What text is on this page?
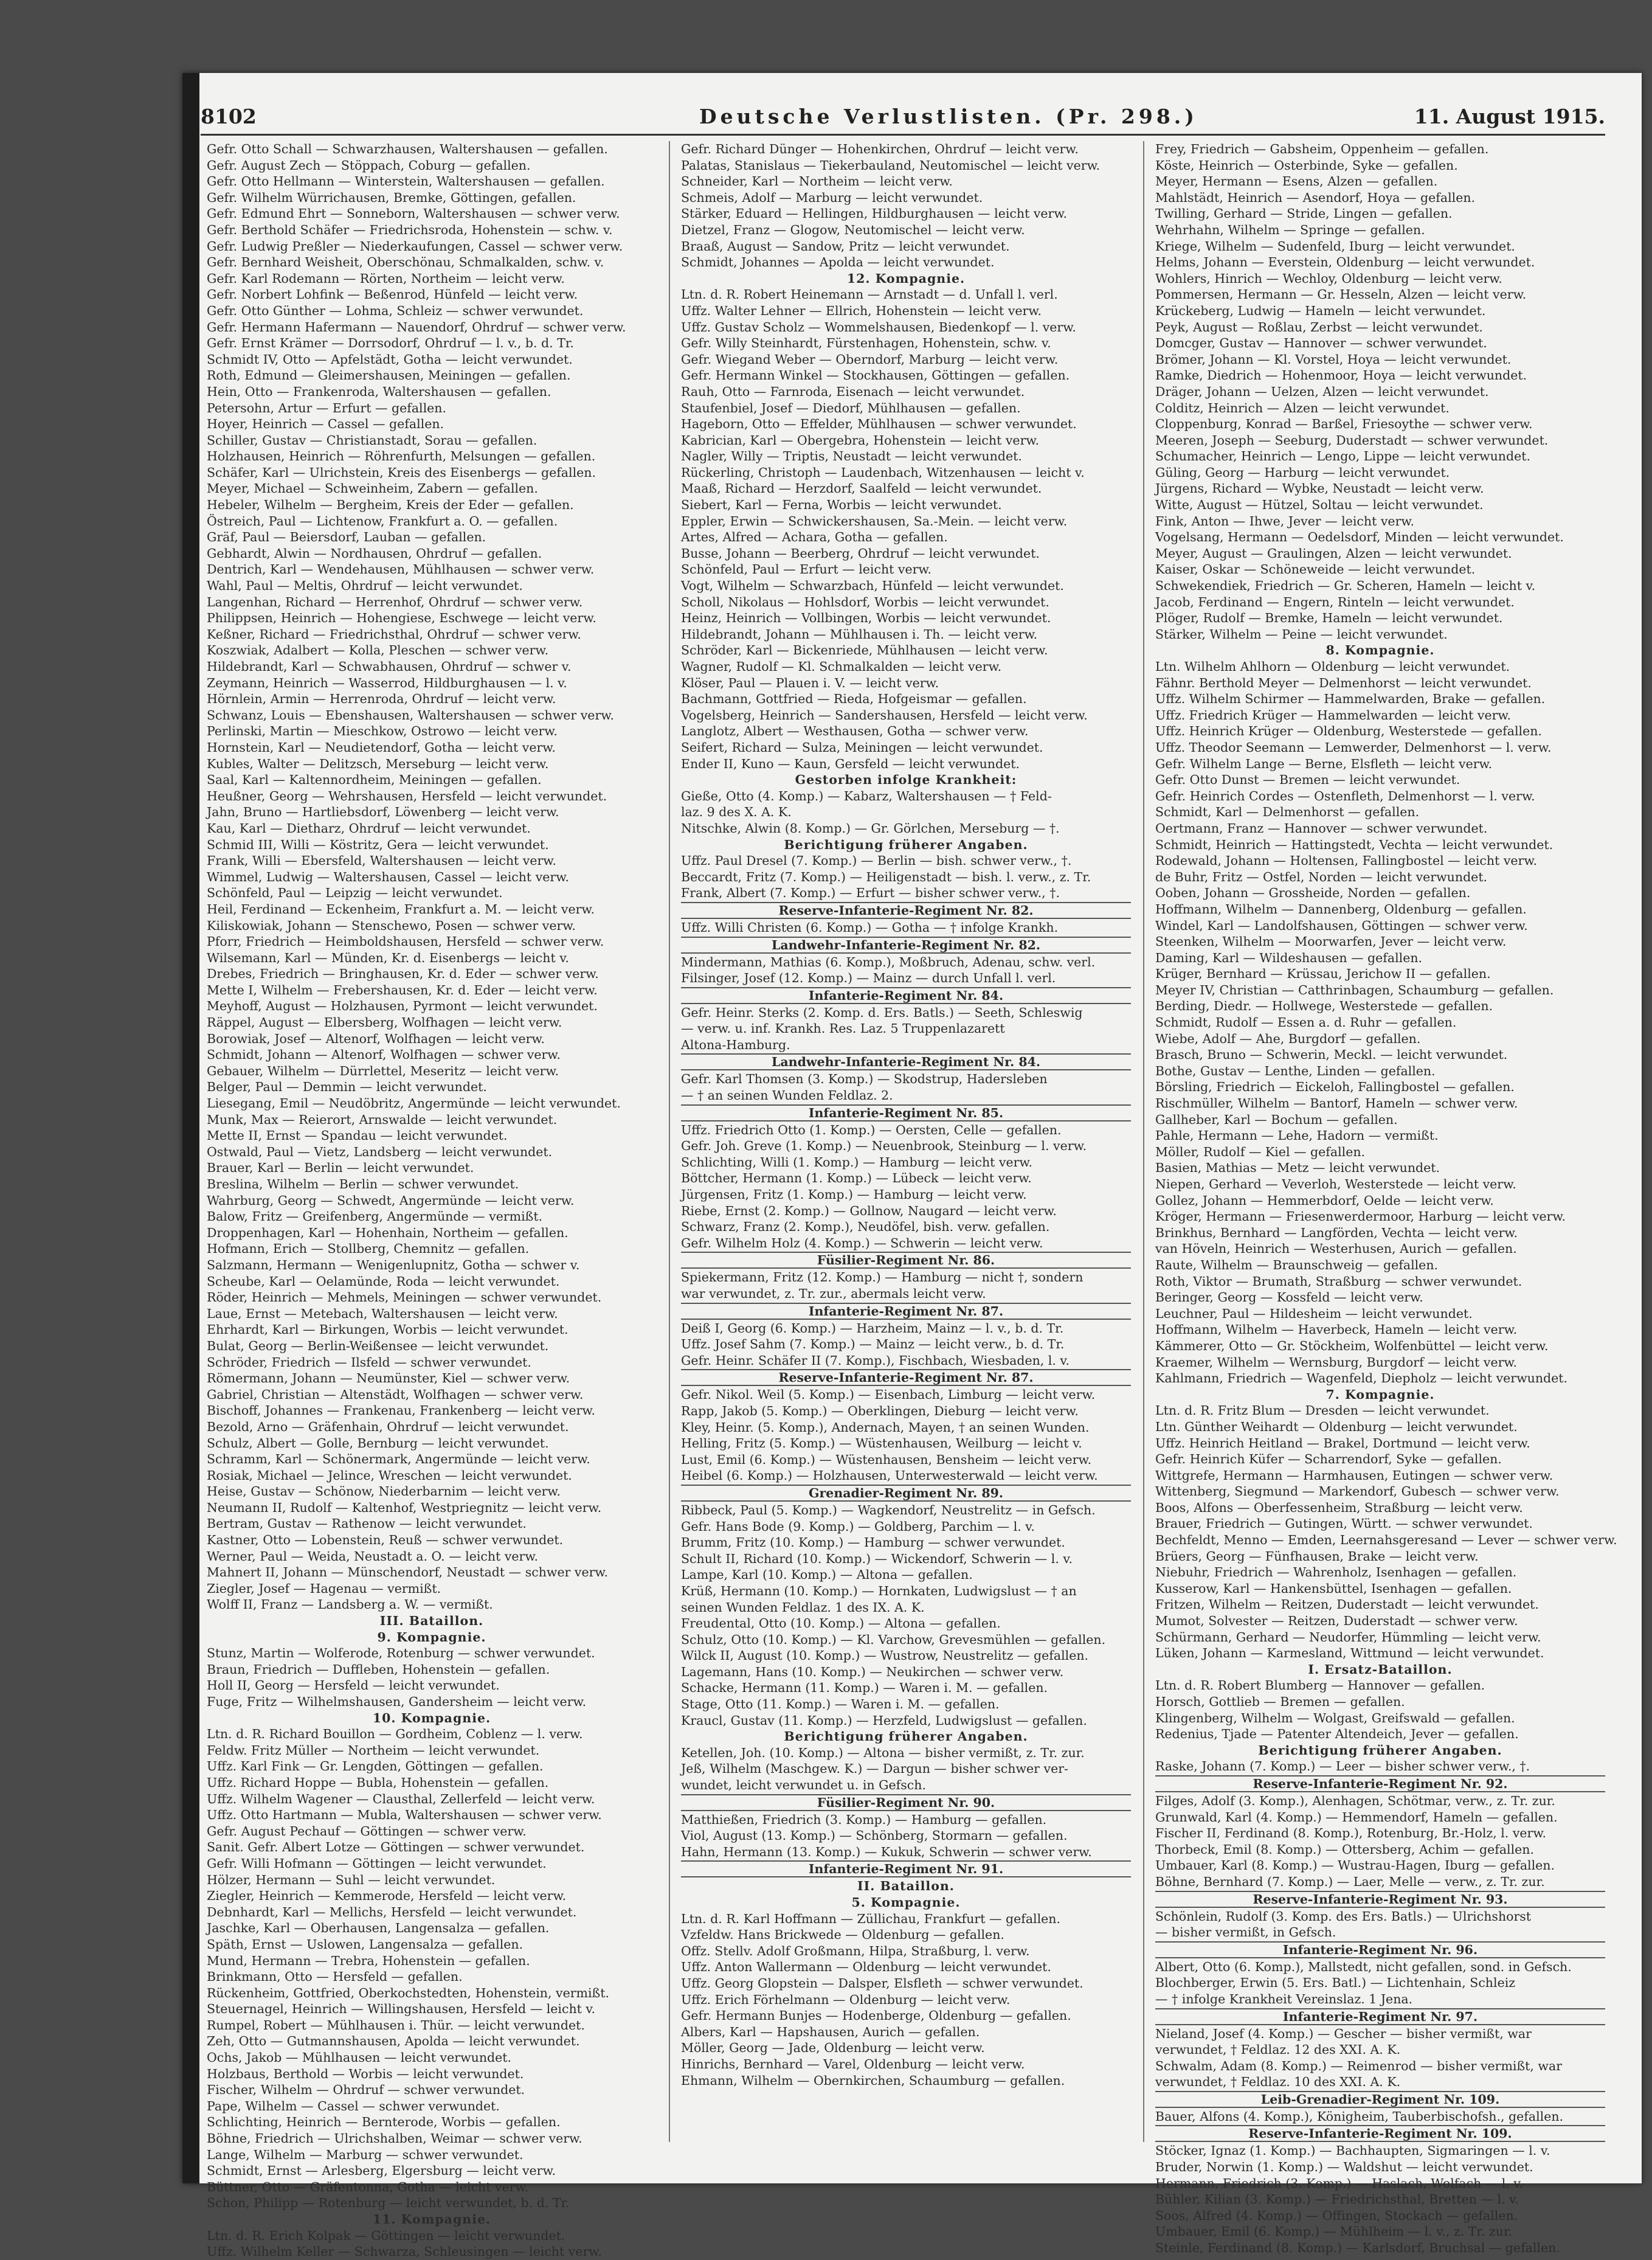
8102	Deutsche Verlustlisten. (Pr. 298.)	11. August 1915.
Gefr. Otto Schall — Schwarzhausen, Waltershausen — gefallen.
Gefr. August Zech — Stöppach, Coburg — gefallen.
Gefr. Otto Hellmann — Winterstein, Waltershausen — gefallen.
Gefr. Wilhelm Würrichausen, Bremke, Göttingen, gefallen.
Gefr. Edmund Ehrt — Sonneborn, Waltershausen — schwer verw.
Gefr. Berthold Schäfer — Friedrichsroda, Hohenstein — schw. v.
Gefr. Ludwig Preßler — Niederkaufungen, Cassel — schwer verw.
Gefr. Bernhard Weisheit, Oberschönau, Schmalkalden, schw. v.
Gefr. Karl Rodemann — Rörten, Northeim — leicht verw.
Gefr. Norbert Lohfink — Beßenrod, Hünfeld — leicht verw.
Gefr. Otto Günther — Lohma, Schleiz — schwer verwundet.
Gefr. Hermann Hafermann — Nauendorf, Ohrdruf — schwer verw.
Gefr. Ernst Krämer — Dorrsodorf, Ohrdruf — l. v., b. d. Tr.
Schmidt IV, Otto — Apfelstädt, Gotha — leicht verwundet.
Roth, Edmund — Gleimershausen, Meiningen — gefallen.
Hein, Otto — Frankenroda, Waltershausen — gefallen.
Petersohn, Artur — Erfurt — gefallen.
Hoyer, Heinrich — Cassel — gefallen.
Schiller, Gustav — Christianstadt, Sorau — gefallen.
Holzhausen, Heinrich — Röhrenfurth, Melsungen — gefallen.
Schäfer, Karl — Ulrichstein, Kreis des Eisenbergs — gefallen.
Meyer, Michael — Schweinheim, Zabern — gefallen.
Hebeler, Wilhelm — Bergheim, Kreis der Eder — gefallen.
Östreich, Paul — Lichtenow, Frankfurt a. O. — gefallen.
Gräf, Paul — Beiersdorf, Lauban — gefallen.
Gebhardt, Alwin — Nordhausen, Ohrdruf — gefallen.
Dentrich, Karl — Wendehausen, Mühlhausen — schwer verw.
Wahl, Paul — Meltis, Ohrdruf — leicht verwundet.
Langenhan, Richard — Herrenhof, Ohrdruf — schwer verw.
Philippsen, Heinrich — Hohengiese, Eschwege — leicht verw.
Keßner, Richard — Friedrichsthal, Ohrdruf — schwer verw.
Koszwiak, Adalbert — Kolla, Pleschen — schwer verw.
Hildebrandt, Karl — Schwabhausen, Ohrdruf — schwer v.
Zeymann, Heinrich — Wasserrod, Hildburghausen — l. v.
Hörnlein, Armin — Herrenroda, Ohrdruf — leicht verw.
Schwanz, Louis — Ebenshausen, Waltershausen — schwer verw.
Perlinski, Martin — Mieschkow, Ostrowo — leicht verw.
Hornstein, Karl — Neudietendorf, Gotha — leicht verw.
Kubles, Walter — Delitzsch, Merseburg — leicht verw.
Saal, Karl — Kaltennordheim, Meiningen — gefallen.
Heußner, Georg — Wehrshausen, Hersfeld — leicht verwundet.
Jahn, Bruno — Hartliebsdorf, Löwenberg — leicht verw.
Kau, Karl — Dietharz, Ohrdruf — leicht verwundet.
Schmid III, Willi — Köstritz, Gera — leicht verwundet.
Frank, Willi — Ebersfeld, Waltershausen — leicht verw.
Wimmel, Ludwig — Waltershausen, Cassel — leicht verw.
Schönfeld, Paul — Leipzig — leicht verwundet.
Heil, Ferdinand — Eckenheim, Frankfurt a. M. — leicht verw.
Kiliskowiak, Johann — Stenschewo, Posen — schwer verw.
Pforr, Friedrich — Heimboldshausen, Hersfeld — schwer verw.
Wilsemann, Karl — Münden, Kr. d. Eisenbergs — leicht v.
Drebes, Friedrich — Bringhausen, Kr. d. Eder — schwer verw.
Mette I, Wilhelm — Frebershausen, Kr. d. Eder — leicht verw.
Meyhoff, August — Holzhausen, Pyrmont — leicht verwundet.
Räppel, August — Elbersberg, Wolfhagen — leicht verw.
Borowiak, Josef — Altenorf, Wolfhagen — leicht verw.
Schmidt, Johann — Altenorf, Wolfhagen — schwer verw.
Gebauer, Wilhelm — Dürrlettel, Meseritz — leicht verw.
Belger, Paul — Demmin — leicht verwundet.
Liesegang, Emil — Neudöbritz, Angermünde — leicht verwundet.
Munk, Max — Reierort, Arnswalde — leicht verwundet.
Mette II, Ernst — Spandau — leicht verwundet.
Ostwald, Paul — Vietz, Landsberg — leicht verwundet.
Brauer, Karl — Berlin — leicht verwundet.
Breslina, Wilhelm — Berlin — schwer verwundet.
Wahrburg, Georg — Schwedt, Angermünde — leicht verw.
Balow, Fritz — Greifenberg, Angermünde — vermißt.
Droppenhagen, Karl — Hohenhain, Northeim — gefallen.
Hofmann, Erich — Stollberg, Chemnitz — gefallen.
Salzmann, Hermann — Wenigenlupnitz, Gotha — schwer v.
Scheube, Karl — Oelamünde, Roda — leicht verwundet.
Röder, Heinrich — Mehmels, Meiningen — schwer verwundet.
Laue, Ernst — Metebach, Waltershausen — leicht verw.
Ehrhardt, Karl — Birkungen, Worbis — leicht verwundet.
Bulat, Georg — Berlin-Weißensee — leicht verwundet.
Schröder, Friedrich — Ilsfeld — schwer verwundet.
Römermann, Johann — Neumünster, Kiel — schwer verw.
Gabriel, Christian — Altenstädt, Wolfhagen — schwer verw.
Bischoff, Johannes — Frankenau, Frankenberg — leicht verw.
Bezold, Arno — Gräfenhain, Ohrdruf — leicht verwundet.
Schulz, Albert — Golle, Bernburg — leicht verwundet.
Schramm, Karl — Schönermark, Angermünde — leicht verw.
Rosiak, Michael — Jelince, Wreschen — leicht verwundet.
Heise, Gustav — Schönow, Niederbarnim — leicht verw.
Neumann II, Rudolf — Kaltenhof, Westpriegnitz — leicht verw.
Bertram, Gustav — Rathenow — leicht verwundet.
Kastner, Otto — Lobenstein, Reuß — schwer verwundet.
Werner, Paul — Weida, Neustadt a. O. — leicht verw.
Mahnert II, Johann — Münschendorf, Neustadt — schwer verw.
Ziegler, Josef — Hagenau — vermißt.
Wolff II, Franz — Landsberg a. W. — vermißt.
III. Bataillon.
9. Kompagnie.
Stunz, Martin — Wolferode, Rotenburg — schwer verwundet.
Braun, Friedrich — Duffleben, Hohenstein — gefallen.
Holl II, Georg — Hersfeld — leicht verwundet.
Fuge, Fritz — Wilhelmshausen, Gandersheim — leicht verw.
10. Kompagnie.
Ltn. d. R. Richard Bouillon — Gordheim, Coblenz — l. verw.
Feldw. Fritz Müller — Northeim — leicht verwundet.
Uffz. Karl Fink — Gr. Lengden, Göttingen — gefallen.
Uffz. Richard Hoppe — Bubla, Hohenstein — gefallen.
Uffz. Wilhelm Wagener — Clausthal, Zellerfeld — leicht verw.
Uffz. Otto Hartmann — Mubla, Waltershausen — schwer verw.
Gefr. August Pechauf — Göttingen — schwer verw.
Sanit. Gefr. Albert Lotze — Göttingen — schwer verwundet.
Gefr. Willi Hofmann — Göttingen — leicht verwundet.
Hölzer, Hermann — Suhl — leicht verwundet.
Ziegler, Heinrich — Kemmerode, Hersfeld — leicht verw.
Debnhardt, Karl — Mellichs, Hersfeld — leicht verwundet.
Jaschke, Karl — Oberhausen, Langensalza — gefallen.
Späth, Ernst — Uslowen, Langensalza — gefallen.
Mund, Hermann — Trebra, Hohenstein — gefallen.
Brinkmann, Otto — Hersfeld — gefallen.
Rückenheim, Gottfried, Oberkochstedten, Hohenstein, vermißt.
Steuernagel, Heinrich — Willingshausen, Hersfeld — leicht v.
Rumpel, Robert — Mühlhausen i. Thür. — leicht verwundet.
Zeh, Otto — Gutmannshausen, Apolda — leicht verwundet.
Ochs, Jakob — Mühlhausen — leicht verwundet.
Holzbaus, Berthold — Worbis — leicht verwundet.
Fischer, Wilhelm — Ohrdruf — schwer verwundet.
Pape, Wilhelm — Cassel — schwer verwundet.
Schlichting, Heinrich — Bernterode, Worbis — gefallen.
Böhne, Friedrich — Ulrichshalben, Weimar — schwer verw.
Lange, Wilhelm — Marburg — schwer verwundet.
Schmidt, Ernst — Arlesberg, Elgersburg — leicht verw.
Büttner, Otto — Gräfentonna, Gotha — leicht verw.
Schon, Philipp — Rotenburg — leicht verwundet, b. d. Tr.
11. Kompagnie.
Ltn. d. R. Erich Kolpak — Göttingen — leicht verwundet.
Uffz. Wilhelm Keller — Schwarza, Schleusingen — leicht verw.
Gefr. Richard Dünger — Hohenkirchen, Ohrdruf — leicht verw.
Palatas, Stanislaus — Tiekerbauland, Neutomischel — leicht verw.
Schneider, Karl — Northeim — leicht verw.
Schmeis, Adolf — Marburg — leicht verwundet.
Stärker, Eduard — Hellingen, Hildburghausen — leicht verw.
Dietzel, Franz — Glogow, Neutomischel — leicht verw.
Braaß, August — Sandow, Pritz — leicht verwundet.
Schmidt, Johannes — Apolda — leicht verwundet.
12. Kompagnie.
Ltn. d. R. Robert Heinemann — Arnstadt — d. Unfall l. verl.
Uffz. Walter Lehner — Ellrich, Hohenstein — leicht verw.
Uffz. Gustav Scholz — Wommelshausen, Biedenkopf — l. verw.
Gefr. Willy Steinhardt, Fürstenhagen, Hohenstein, schw. v.
Gefr. Wiegand Weber — Oberndorf, Marburg — leicht verw.
Gefr. Hermann Winkel — Stockhausen, Göttingen — gefallen.
Rauh, Otto — Farnroda, Eisenach — leicht verwundet.
Staufenbiel, Josef — Diedorf, Mühlhausen — gefallen.
Hageborn, Otto — Effelder, Mühlhausen — schwer verwundet.
Kabrician, Karl — Obergebra, Hohenstein — leicht verw.
Nagler, Willy — Triptis, Neustadt — leicht verwundet.
Rückerling, Christoph — Laudenbach, Witzenhausen — leicht v.
Maaß, Richard — Herzdorf, Saalfeld — leicht verwundet.
Siebert, Karl — Ferna, Worbis — leicht verwundet.
Eppler, Erwin — Schwickershausen, Sa.-Mein. — leicht verw.
Artes, Alfred — Achara, Gotha — gefallen.
Busse, Johann — Beerberg, Ohrdruf — leicht verwundet.
Schönfeld, Paul — Erfurt — leicht verw.
Vogt, Wilhelm — Schwarzbach, Hünfeld — leicht verwundet.
Scholl, Nikolaus — Hohlsdorf, Worbis — leicht verwundet.
Heinz, Heinrich — Vollbingen, Worbis — leicht verwundet.
Hildebrandt, Johann — Mühlhausen i. Th. — leicht verw.
Schröder, Karl — Bickenriede, Mühlhausen — leicht verw.
Wagner, Rudolf — Kl. Schmalkalden — leicht verw.
Klöser, Paul — Plauen i. V. — leicht verw.
Bachmann, Gottfried — Rieda, Hofgeismar — gefallen.
Vogelsberg, Heinrich — Sandershausen, Hersfeld — leicht verw.
Langlotz, Albert — Westhausen, Gotha — schwer verw.
Seifert, Richard — Sulza, Meiningen — leicht verwundet.
Ender II, Kuno — Kaun, Gersfeld — leicht verwundet.
Gestorben infolge Krankheit:
Gieße, Otto (4. Komp.) — Kabarz, Waltershausen — † Feld-
laz. 9 des X. A. K.
Nitschke, Alwin (8. Komp.) — Gr. Görlchen, Merseburg — †.
Berichtigung früherer Angaben.
Uffz. Paul Dresel (7. Komp.) — Berlin — bish. schwer verw., †.
Beccardt, Fritz (7. Komp.) — Heiligenstadt — bish. l. verw., z. Tr.
Frank, Albert (7. Komp.) — Erfurt — bisher schwer verw., †.
Reserve-Infanterie-Regiment Nr. 82.
Uffz. Willi Christen (6. Komp.) — Gotha — † infolge Krankh.
Landwehr-Infanterie-Regiment Nr. 82.
Mindermann, Mathias (6. Komp.), Moßbruch, Adenau, schw. verl.
Filsinger, Josef (12. Komp.) — Mainz — durch Unfall l. verl.
Infanterie-Regiment Nr. 84.
Gefr. Heinr. Sterks (2. Komp. d. Ers. Batls.) — Seeth, Schleswig
— verw. u. inf. Krankh. Res. Laz. 5 Truppenlazarett
Altona-Hamburg.
Landwehr-Infanterie-Regiment Nr. 84.
Gefr. Karl Thomsen (3. Komp.) — Skodstrup, Hadersleben
— † an seinen Wunden Feldlaz. 2.
Infanterie-Regiment Nr. 85.
Uffz. Friedrich Otto (1. Komp.) — Oersten, Celle — gefallen.
Gefr. Joh. Greve (1. Komp.) — Neuenbrook, Steinburg — l. verw.
Schlichting, Willi (1. Komp.) — Hamburg — leicht verw.
Böttcher, Hermann (1. Komp.) — Lübeck — leicht verw.
Jürgensen, Fritz (1. Komp.) — Hamburg — leicht verw.
Riebe, Ernst (2. Komp.) — Gollnow, Naugard — leicht verw.
Schwarz, Franz (2. Komp.), Neudöfel, bish. verw. gefallen.
Gefr. Wilhelm Holz (4. Komp.) — Schwerin — leicht verw.
Füsilier-Regiment Nr. 86.
Spiekermann, Fritz (12. Komp.) — Hamburg — nicht †, sondern
war verwundet, z. Tr. zur., abermals leicht verw.
Infanterie-Regiment Nr. 87.
Deiß I, Georg (6. Komp.) — Harzheim, Mainz — l. v., b. d. Tr.
Uffz. Josef Sahm (7. Komp.) — Mainz — leicht verw., b. d. Tr.
Gefr. Heinr. Schäfer II (7. Komp.), Fischbach, Wiesbaden, l. v.
Reserve-Infanterie-Regiment Nr. 87.
Gefr. Nikol. Weil (5. Komp.) — Eisenbach, Limburg — leicht verw.
Rapp, Jakob (5. Komp.) — Oberklingen, Dieburg — leicht verw.
Kley, Heinr. (5. Komp.), Andernach, Mayen, † an seinen Wunden.
Helling, Fritz (5. Komp.) — Wüstenhausen, Weilburg — leicht v.
Lust, Emil (6. Komp.) — Wüstenhausen, Bensheim — leicht verw.
Heibel (6. Komp.) — Holzhausen, Unterwesterwald — leicht verw.
Grenadier-Regiment Nr. 89.
Ribbeck, Paul (5. Komp.) — Wagkendorf, Neustrelitz — in Gefsch.
Gefr. Hans Bode (9. Komp.) — Goldberg, Parchim — l. v.
Brumm, Fritz (10. Komp.) — Hamburg — schwer verwundet.
Schult II, Richard (10. Komp.) — Wickendorf, Schwerin — l. v.
Lampe, Karl (10. Komp.) — Altona — gefallen.
Krüß, Hermann (10. Komp.) — Hornkaten, Ludwigslust — † an
seinen Wunden Feldlaz. 1 des IX. A. K.
Freudental, Otto (10. Komp.) — Altona — gefallen.
Schulz, Otto (10. Komp.) — Kl. Varchow, Grevesmühlen — gefallen.
Wilck II, August (10. Komp.) — Wustrow, Neustrelitz — gefallen.
Lagemann, Hans (10. Komp.) — Neukirchen — schwer verw.
Schacke, Hermann (11. Komp.) — Waren i. M. — gefallen.
Stage, Otto (11. Komp.) — Waren i. M. — gefallen.
Kraucl, Gustav (11. Komp.) — Herzfeld, Ludwigslust — gefallen.
Berichtigung früherer Angaben.
Ketellen, Joh. (10. Komp.) — Altona — bisher vermißt, z. Tr. zur.
Jeß, Wilhelm (Maschgew. K.) — Dargun — bisher schwer ver-
wundet, leicht verwundet u. in Gefsch.
Füsilier-Regiment Nr. 90.
Matthießen, Friedrich (3. Komp.) — Hamburg — gefallen.
Viol, August (13. Komp.) — Schönberg, Stormarn — gefallen.
Hahn, Hermann (13. Komp.) — Kukuk, Schwerin — schwer verw.
Infanterie-Regiment Nr. 91.
II. Bataillon.
5. Kompagnie.
Ltn. d. R. Karl Hoffmann — Züllichau, Frankfurt — gefallen.
Vzfeldw. Hans Brickwede — Oldenburg — gefallen.
Offz. Stellv. Adolf Großmann, Hilpa, Straßburg, l. verw.
Uffz. Anton Wallermann — Oldenburg — leicht verwundet.
Uffz. Georg Glopstein — Dalsper, Elsfleth — schwer verwundet.
Uffz. Erich Förhelmann — Oldenburg — leicht verw.
Gefr. Hermann Bunjes — Hodenberge, Oldenburg — gefallen.
Albers, Karl — Hapshausen, Aurich — gefallen.
Möller, Georg — Jade, Oldenburg — leicht verw.
Hinrichs, Bernhard — Varel, Oldenburg — leicht verw.
Ehmann, Wilhelm — Obernkirchen, Schaumburg — gefallen.
Frey, Friedrich — Gabsheim, Oppenheim — gefallen.
Köste, Heinrich — Osterbinde, Syke — gefallen.
Meyer, Hermann — Esens, Alzen — gefallen.
Mahlstädt, Heinrich — Asendorf, Hoya — gefallen.
Twilling, Gerhard — Stride, Lingen — gefallen.
Wehrhahn, Wilhelm — Springe — gefallen.
Kriege, Wilhelm — Sudenfeld, Iburg — leicht verwundet.
Helms, Johann — Everstein, Oldenburg — leicht verwundet.
Wohlers, Hinrich — Wechloy, Oldenburg — leicht verw.
Pommersen, Hermann — Gr. Hesseln, Alzen — leicht verw.
Krückeberg, Ludwig — Hameln — leicht verwundet.
Peyk, August — Roßlau, Zerbst — leicht verwundet.
Domcger, Gustav — Hannover — schwer verwundet.
Brömer, Johann — Kl. Vorstel, Hoya — leicht verwundet.
Ramke, Diedrich — Hohenmoor, Hoya — leicht verwundet.
Dräger, Johann — Uelzen, Alzen — leicht verwundet.
Colditz, Heinrich — Alzen — leicht verwundet.
Cloppenburg, Konrad — Barßel, Friesoythe — schwer verw.
Meeren, Joseph — Seeburg, Duderstadt — schwer verwundet.
Schumacher, Heinrich — Lengo, Lippe — leicht verwundet.
Güling, Georg — Harburg — leicht verwundet.
Jürgens, Richard — Wybke, Neustadt — leicht verw.
Witte, August — Hützel, Soltau — leicht verwundet.
Fink, Anton — Ihwe, Jever — leicht verw.
Vogelsang, Hermann — Oedelsdorf, Minden — leicht verwundet.
Meyer, August — Graulingen, Alzen — leicht verwundet.
Kaiser, Oskar — Schöneweide — leicht verwundet.
Schwekendiek, Friedrich — Gr. Scheren, Hameln — leicht v.
Jacob, Ferdinand — Engern, Rinteln — leicht verwundet.
Plöger, Rudolf — Bremke, Hameln — leicht verwundet.
Stärker, Wilhelm — Peine — leicht verwundet.
8. Kompagnie.
Ltn. Wilhelm Ahlhorn — Oldenburg — leicht verwundet.
Fähnr. Berthold Meyer — Delmenhorst — leicht verwundet.
Uffz. Wilhelm Schirmer — Hammelwarden, Brake — gefallen.
Uffz. Friedrich Krüger — Hammelwarden — leicht verw.
Uffz. Heinrich Krüger — Oldenburg, Westerstede — gefallen.
Uffz. Theodor Seemann — Lemwerder, Delmenhorst — l. verw.
Gefr. Wilhelm Lange — Berne, Elsfleth — leicht verw.
Gefr. Otto Dunst — Bremen — leicht verwundet.
Gefr. Heinrich Cordes — Ostenfleth, Delmenhorst — l. verw.
Schmidt, Karl — Delmenhorst — gefallen.
Oertmann, Franz — Hannover — schwer verwundet.
Schmidt, Heinrich — Hattingstedt, Vechta — leicht verwundet.
Rodewald, Johann — Holtensen, Fallingbostel — leicht verw.
de Buhr, Fritz — Ostfel, Norden — leicht verwundet.
Ooben, Johann — Grossheide, Norden — gefallen.
Hoffmann, Wilhelm — Dannenberg, Oldenburg — gefallen.
Windel, Karl — Landolfshausen, Göttingen — schwer verw.
Steenken, Wilhelm — Moorwarfen, Jever — leicht verw.
Daming, Karl — Wildeshausen — gefallen.
Krüger, Bernhard — Krüssau, Jerichow II — gefallen.
Meyer IV, Christian — Catthrinbagen, Schaumburg — gefallen.
Berding, Diedr. — Hollwege, Westerstede — gefallen.
Schmidt, Rudolf — Essen a. d. Ruhr — gefallen.
Wiebe, Adolf — Ahe, Burgdorf — gefallen.
Brasch, Bruno — Schwerin, Meckl. — leicht verwundet.
Bothe, Gustav — Lenthe, Linden — gefallen.
Börsling, Friedrich — Eickeloh, Fallingbostel — gefallen.
Rischmüller, Wilhelm — Bantorf, Hameln — schwer verw.
Gallheber, Karl — Bochum — gefallen.
Pahle, Hermann — Lehe, Hadorn — vermißt.
Möller, Rudolf — Kiel — gefallen.
Basien, Mathias — Metz — leicht verwundet.
Niepen, Gerhard — Veverloh, Westerstede — leicht verw.
Gollez, Johann — Hemmerbdorf, Oelde — leicht verw.
Kröger, Hermann — Friesenwerdermoor, Harburg — leicht verw.
Brinkhus, Bernhard — Langförden, Vechta — leicht verw.
van Höveln, Heinrich — Westerhusen, Aurich — gefallen.
Raute, Wilhelm — Braunschweig — gefallen.
Roth, Viktor — Brumath, Straßburg — schwer verwundet.
Beringer, Georg — Kossfeld — leicht verw.
Leuchner, Paul — Hildesheim — leicht verwundet.
Hoffmann, Wilhelm — Haverbeck, Hameln — leicht verw.
Kämmerer, Otto — Gr. Stöckheim, Wolfenbüttel — leicht verw.
Kraemer, Wilhelm — Wernsburg, Burgdorf — leicht verw.
Kahlmann, Friedrich — Wagenfeld, Diepholz — leicht verwundet.
7. Kompagnie.
Ltn. d. R. Fritz Blum — Dresden — leicht verwundet.
Ltn. Günther Weihardt — Oldenburg — leicht verwundet.
Uffz. Heinrich Heitland — Brakel, Dortmund — leicht verw.
Gefr. Heinrich Küfer — Scharrendorf, Syke — gefallen.
Wittgrefe, Hermann — Harmhausen, Eutingen — schwer verw.
Wittenberg, Siegmund — Markendorf, Gubesch — schwer verw.
Boos, Alfons — Oberfessenheim, Straßburg — leicht verw.
Brauer, Friedrich — Gutingen, Württ. — schwer verwundet.
Bechfeldt, Menno — Emden, Leernahsgeresand — Lever — schwer verw.
Brüers, Georg — Fünfhausen, Brake — leicht verw.
Niebuhr, Friedrich — Wahrenholz, Isenhagen — gefallen.
Kusserow, Karl — Hankensbüttel, Isenhagen — gefallen.
Fritzen, Wilhelm — Reitzen, Duderstadt — leicht verwundet.
Mumot, Solvester — Reitzen, Duderstadt — schwer verw.
Schürmann, Gerhard — Neudorfer, Hümmling — leicht verw.
Lüken, Johann — Karmesland, Wittmund — leicht verwundet.
I. Ersatz-Bataillon.
Ltn. d. R. Robert Blumberg — Hannover — gefallen.
Horsch, Gottlieb — Bremen — gefallen.
Klingenberg, Wilhelm — Wolgast, Greifswald — gefallen.
Redenius, Tjade — Patenter Altendeich, Jever — gefallen.
Berichtigung früherer Angaben.
Raske, Johann (7. Komp.) — Leer — bisher schwer verw., †.
Reserve-Infanterie-Regiment Nr. 92.
Filges, Adolf (3. Komp.), Alenhagen, Schötmar, verw., z. Tr. zur.
Grunwald, Karl (4. Komp.) — Hemmendorf, Hameln — gefallen.
Fischer II, Ferdinand (8. Komp.), Rotenburg, Br.-Holz, l. verw.
Thorbeck, Emil (8. Komp.) — Ottersberg, Achim — gefallen.
Umbauer, Karl (8. Komp.) — Wustrau-Hagen, Iburg — gefallen.
Böhne, Bernhard (7. Komp.) — Laer, Melle — verw., z. Tr. zur.
Reserve-Infanterie-Regiment Nr. 93.
Schönlein, Rudolf (3. Komp. des Ers. Batls.) — Ulrichshorst
— bisher vermißt, in Gefsch.
Infanterie-Regiment Nr. 96.
Albert, Otto (6. Komp.), Mallstedt, nicht gefallen, sond. in Gefsch.
Blochberger, Erwin (5. Ers. Batl.) — Lichtenhain, Schleiz
— † infolge Krankheit Vereinslaz. 1 Jena.
Infanterie-Regiment Nr. 97.
Nieland, Josef (4. Komp.) — Gescher — bisher vermißt, war
verwundet, † Feldlaz. 12 des XXI. A. K.
Schwalm, Adam (8. Komp.) — Reimenrod — bisher vermißt, war
verwundet, † Feldlaz. 10 des XXI. A. K.
Leib-Grenadier-Regiment Nr. 109.
Bauer, Alfons (4. Komp.), Königheim, Tauberbischofsh., gefallen.
Reserve-Infanterie-Regiment Nr. 109.
Stöcker, Ignaz (1. Komp.) — Bachhaupten, Sigmaringen — l. v.
Bruder, Norwin (1. Komp.) — Waldshut — leicht verwundet.
Hermann, Friedrich (3. Komp.) — Haslach, Wolfach — l. v.
Bühler, Kilian (3. Komp.) — Friedrichsthal, Bretten — l. v.
Soos, Alfred (4. Komp.) — Offingen, Stockach — gefallen.
Umbauer, Emil (6. Komp.) — Mühlheim — l. v., z. Tr. zur.
Steinle, Ferdinand (8. Komp.) — Karlsdorf, Bruchsal — gefallen.
